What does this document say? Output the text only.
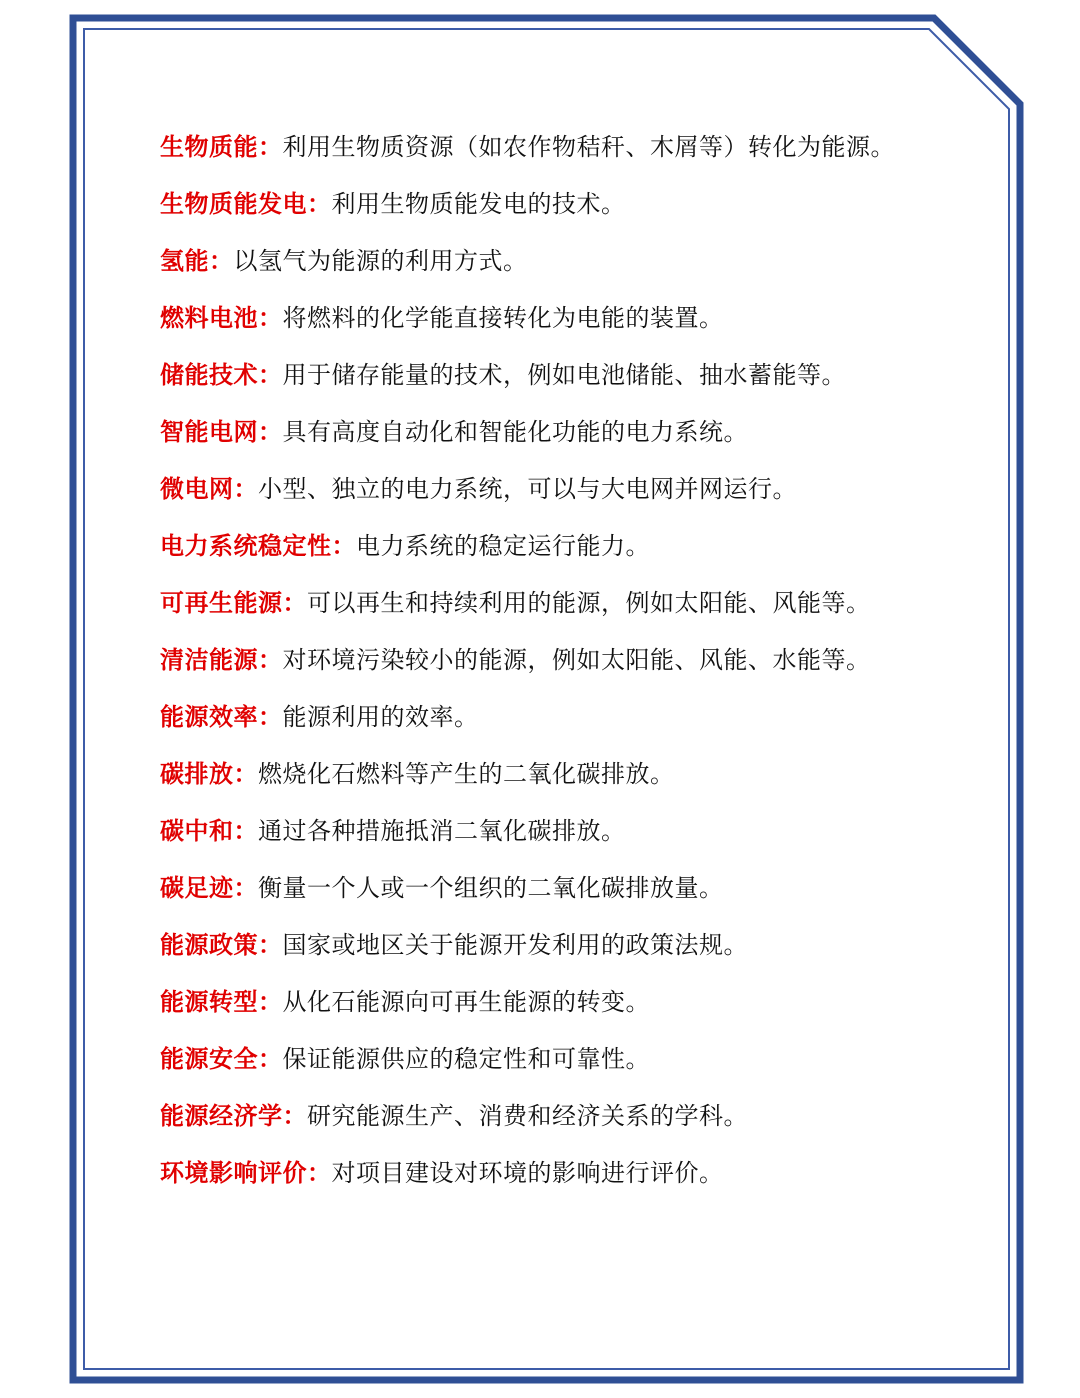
生物质能：利用生物质资源（如农作物秸秆、木屑等）转化为能源。

生物质能发电：利用生物质能发电的技术。

氢能：以氢气为能源的利用方式。

燃料电池：将燃料的化学能直接转化为电能的装置。

储能技术：用于储存能量的技术，例如电池储能、抽水蓄能等。

智能电网：具有高度自动化和智能化功能的电力系统。

微电网：小型、独立的电力系统，可以与大电网并网运行。

电力系统稳定性：电力系统的稳定运行能力。

可再生能源：可以再生和持续利用的能源，例如太阳能、风能等。

清洁能源：对环境污染较小的能源，例如太阳能、风能、水能等。

能源效率：能源利用的效率。

碳排放：燃烧化石燃料等产生的二氧化碳排放。

碳中和：通过各种措施抵消二氧化碳排放。

碳足迹：衡量一个人或一个组织的二氧化碳排放量。

能源政策：国家或地区关于能源开发利用的政策法规。

能源转型：从化石能源向可再生能源的转变。

能源安全：保证能源供应的稳定性和可靠性。

能源经济学：研究能源生产、消费和经济关系的学科。

环境影响评价：对项目建设对环境的影响进行评价。
